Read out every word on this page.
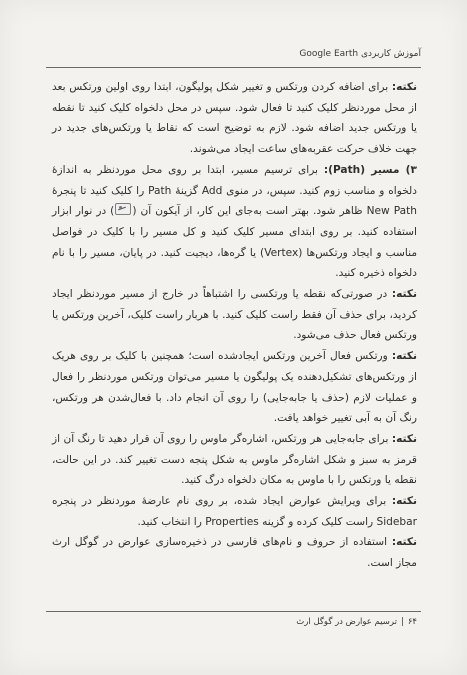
آموزش کاربردی Google Earth

نکته: برای اضافه کردن ورتکس و تغییر شکل پولیگون، ابتدا روی اولین ورتکس بعد از محل موردنظر کلیک کنید تا فعال شود. سپس در محل دلخواه کلیک کنید تا نقطه یا ورتکس جدید اضافه شود. لازم به توضیح است که نقاط یا ورتکس‌های جدید در جهت خلاف حرکت عقربه‌های ساعت ایجاد می‌شوند.

۳) مسیر (Path): برای ترسیم مسیر، ابتدا بر روی محل موردنظر به اندازهٔ دلخواه و مناسب زوم کنید. سپس، در منوی Add گزینهٔ Path را کلیک کنید تا پنجرهٔ New Path ظاهر شود. بهتر است به‌جای این کار، از آیکون آن () در نوار ابزار استفاده کنید. بر روی ابتدای مسیر کلیک کنید و کل مسیر را با کلیک در فواصل مناسب و ایجاد ورتکس‌ها (Vertex) یا گره‌ها، دیجیت کنید. در پایان، مسیر را با نام دلخواه ذخیره کنید.

نکته: در صورتی‌که نقطه یا ورتکسی را اشتباهاً در خارج از مسیر موردنظر ایجاد کردید، برای حذف آن فقط راست کلیک کنید. با هربار راست کلیک، آخرین ورتکس یا ورتکس فعال حذف می‌شود.

نکته: ورتکس فعال آخرین ورتکس ایجادشده است؛ همچنین با کلیک بر روی هریک از ورتکس‌های تشکیل‌دهنده یک پولیگون یا مسیر می‌توان ورتکس موردنظر را فعال و عملیات لازم (حذف یا جابه‌جایی) را روی آن انجام داد. با فعال‌شدن هر ورتکس، رنگ آن به آبی تغییر خواهد یافت.

نکته: برای جابه‌جایی هر ورتکس، اشاره‌گر ماوس را روی آن قرار دهید تا رنگ آن از قرمز به سبز و شکل اشاره‌گر ماوس به شکل پنجه دست تغییر کند. در این حالت، نقطه یا ورتکس را با ماوس به مکان دلخواه درگ کنید.

نکته: برای ویرایش عوارض ایجاد شده، بر روی نام عارضهٔ موردنظر در پنجره Sidebar راست کلیک کرده و گزینه Properties را انتخاب کنید.

نکته: استفاده از حروف و نام‌های فارسی در ذخیره‌سازی عوارض در گوگل ارث مجاز است.

۶۴|ترسیم عوارض در گوگل ارث
